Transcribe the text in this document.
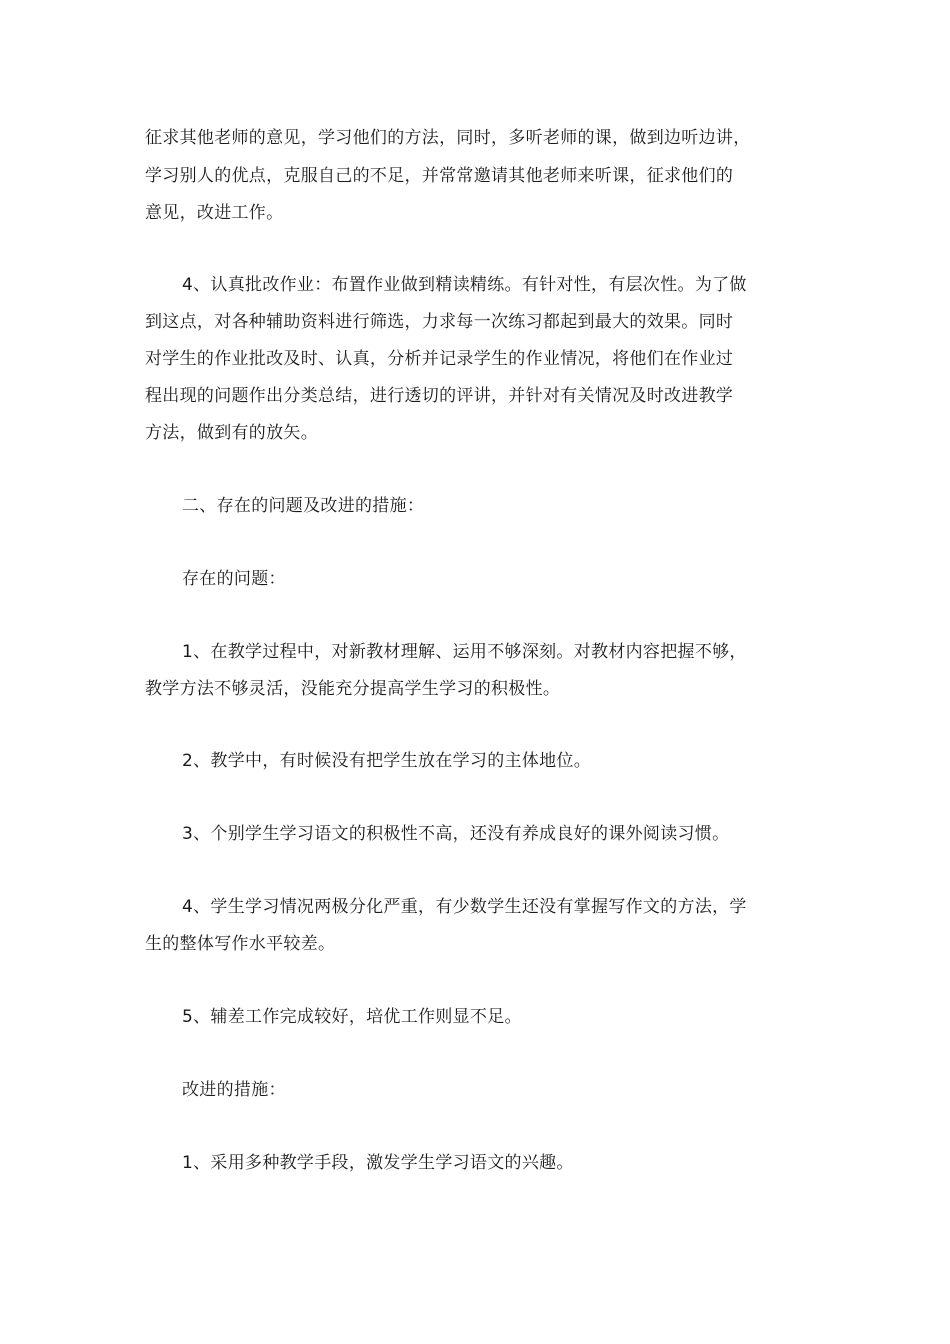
征求其他老师的意见，学习他们的方法，同时，多听老师的课，做到边听边讲，
学习别人的优点，克服自己的不足，并常常邀请其他老师来听课，征求他们的
意见，改进工作。
4、认真批改作业：布置作业做到精读精练。有针对性，有层次性。为了做
到这点，对各种辅助资料进行筛选，力求每一次练习都起到最大的效果。同时
对学生的作业批改及时、认真，分析并记录学生的作业情况，将他们在作业过
程出现的问题作出分类总结，进行透切的评讲，并针对有关情况及时改进教学
方法，做到有的放矢。
二、存在的问题及改进的措施：
存在的问题：
1、在教学过程中，对新教材理解、运用不够深刻。对教材内容把握不够，
教学方法不够灵活，没能充分提高学生学习的积极性。
2、教学中，有时候没有把学生放在学习的主体地位。
3、个别学生学习语文的积极性不高，还没有养成良好的课外阅读习惯。
4、学生学习情况两极分化严重，有少数学生还没有掌握写作文的方法，学
生的整体写作水平较差。
5、辅差工作完成较好，培优工作则显不足。
改进的措施：
1、采用多种教学手段，激发学生学习语文的兴趣。
